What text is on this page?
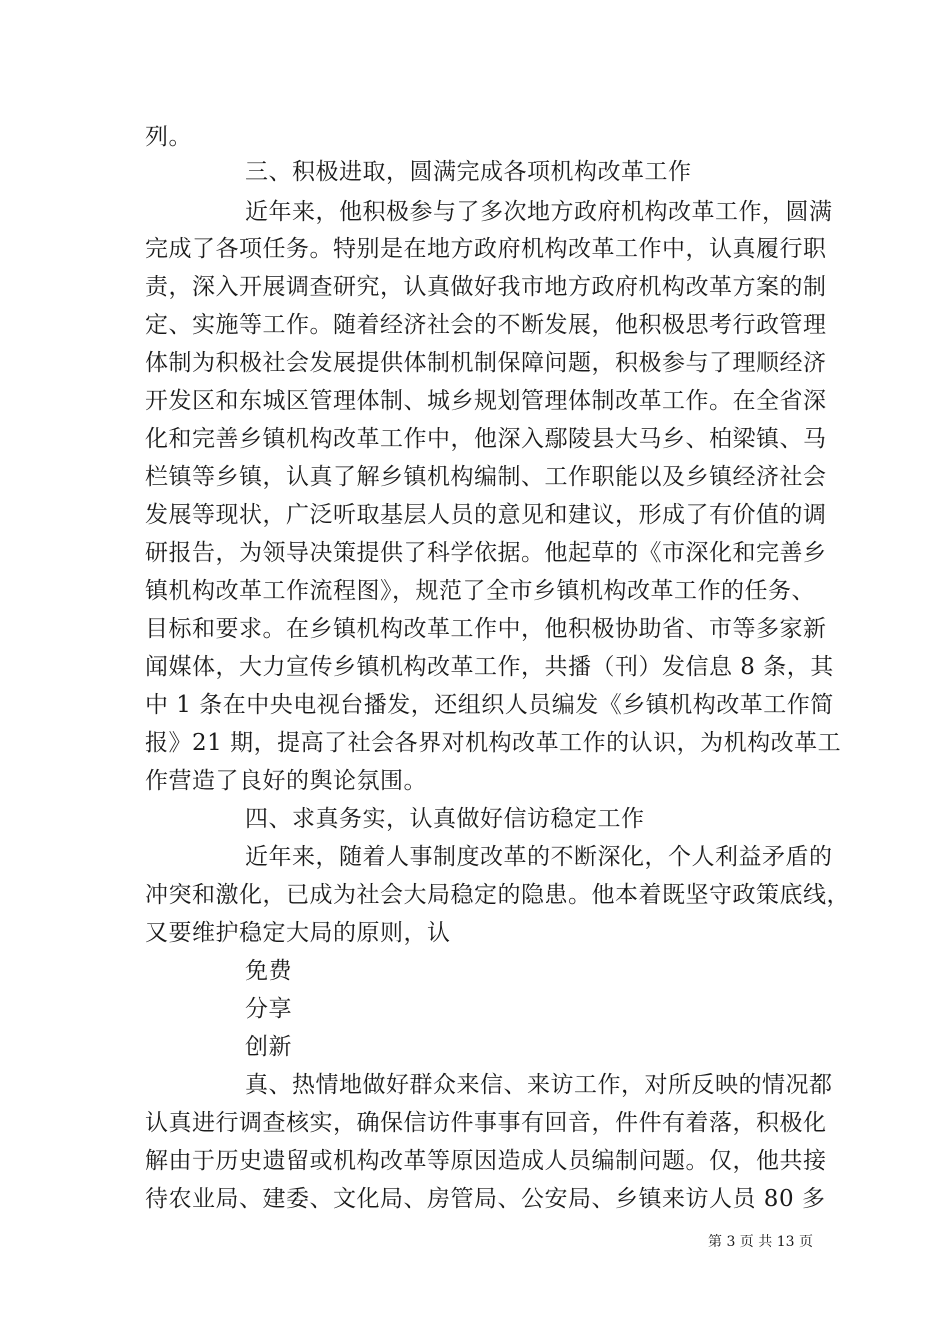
列。
三、积极进取，圆满完成各项机构改革工作
近年来，他积极参与了多次地方政府机构改革工作，圆满
完成了各项任务。特别是在地方政府机构改革工作中，认真履行职
责，深入开展调查研究，认真做好我市地方政府机构改革方案的制
定、实施等工作。随着经济社会的不断发展，他积极思考行政管理
体制为积极社会发展提供体制机制保障问题，积极参与了理顺经济
开发区和东城区管理体制、城乡规划管理体制改革工作。在全省深
化和完善乡镇机构改革工作中，他深入鄢陵县大马乡、柏梁镇、马
栏镇等乡镇，认真了解乡镇机构编制、工作职能以及乡镇经济社会
发展等现状，广泛听取基层人员的意见和建议，形成了有价值的调
研报告，为领导决策提供了科学依据。他起草的《市深化和完善乡
镇机构改革工作流程图》，规范了全市乡镇机构改革工作的任务、
目标和要求。在乡镇机构改革工作中，他积极协助省、市等多家新
闻媒体，大力宣传乡镇机构改革工作，共播（刊）发信息 8 条，其
中 1 条在中央电视台播发，还组织人员编发《乡镇机构改革工作简
报》21 期，提高了社会各界对机构改革工作的认识，为机构改革工
作营造了良好的舆论氛围。
四、求真务实，认真做好信访稳定工作
近年来，随着人事制度改革的不断深化，个人利益矛盾的
冲突和激化，已成为社会大局稳定的隐患。他本着既坚守政策底线，
又要维护稳定大局的原则，认
免费
分享
创新
真、热情地做好群众来信、来访工作，对所反映的情况都
认真进行调查核实，确保信访件事事有回音，件件有着落，积极化
解由于历史遗留或机构改革等原因造成人员编制问题。仅，他共接
待农业局、建委、文化局、房管局、公安局、乡镇来访人员 80 多
第 3 页 共 13 页
